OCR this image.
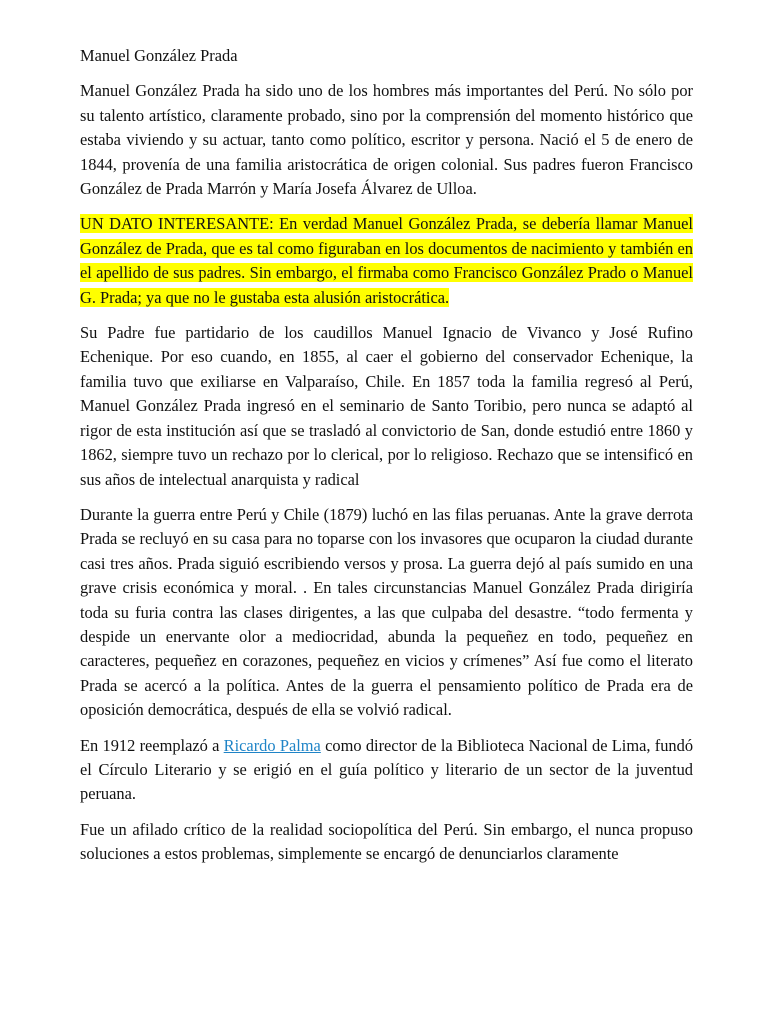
Manuel González Prada

Manuel González Prada ha sido uno de los hombres más importantes del Perú. No sólo por su talento artístico, claramente probado, sino por la comprensión del momento histórico que estaba viviendo y su actuar, tanto como político, escritor y persona. Nació el 5 de enero de 1844, provenía de una familia aristocrática de origen colonial. Sus padres fueron Francisco González de Prada Marrón y María Josefa Álvarez de Ulloa.

UN DATO INTERESANTE: En verdad Manuel González Prada, se debería llamar Manuel González de Prada, que es tal como figuraban en los documentos de nacimiento y también en el apellido de sus padres. Sin embargo, el firmaba como Francisco González Prado o Manuel G. Prada; ya que no le gustaba esta alusión aristocrática.

Su Padre fue partidario de los caudillos Manuel Ignacio de Vivanco y José Rufino Echenique. Por eso cuando, en 1855, al caer el gobierno del conservador Echenique, la familia tuvo que exiliarse en Valparaíso, Chile. En 1857 toda la familia regresó al Perú, Manuel González Prada ingresó en el seminario de Santo Toribio, pero nunca se adaptó al rigor de esta institución así que se trasladó al convictorio de San, donde estudió entre 1860 y 1862, siempre tuvo un rechazo por lo clerical, por lo religioso. Rechazo que se intensificó en sus años de intelectual anarquista y radical

Durante la guerra entre Perú y Chile (1879) luchó en las filas peruanas. Ante la grave derrota Prada se recluyó en su casa para no toparse con los invasores que ocuparon la ciudad durante casi tres años. Prada siguió escribiendo versos y prosa. La guerra dejó al país sumido en una grave crisis económica y moral. . En tales circunstancias Manuel González Prada dirigiría toda su furia contra las clases dirigentes, a las que culpaba del desastre. “todo fermenta y despide un enervante olor a mediocridad, abunda la pequeñez en todo, pequeñez en caracteres, pequeñez en corazones, pequeñez en vicios y crímenes” Así fue como el literato Prada se acercó a la política. Antes de la guerra el pensamiento político de Prada era de oposición democrática, después de ella se volvió radical.

En 1912 reemplazó a Ricardo Palma como director de la Biblioteca Nacional de Lima, fundó el Círculo Literario y se erigió en el guía político y literario de un sector de la juventud peruana.

Fue un afilado crítico de la realidad sociopolítica del Perú. Sin embargo, el nunca propuso soluciones a estos problemas, simplemente se encargó de denunciarlos claramente
